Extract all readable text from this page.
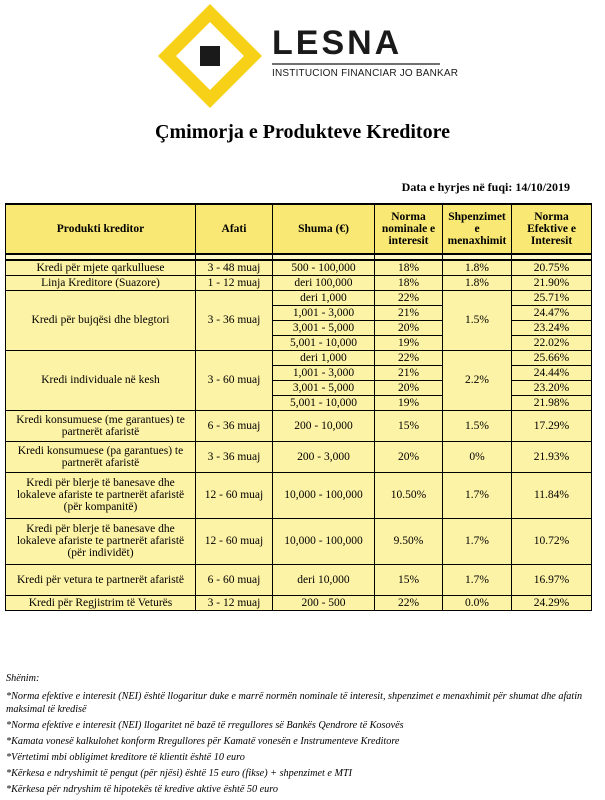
LESNA
INSTITUCION FINANCIAR JO BANKAR
Çmimorja e Produkteve Kreditore
Data e hyrjes në fuqi: 14/10/2019
Produkti kreditor	Afati	Shuma (€)	Norma nominale e interesit	Shpenzimet e menaxhimit	Norma Efektive e Interesit

Kredi për mjete qarkulluese	3 - 48 muaj	500 - 100,000	18%	1.8%	20.75%
Linja Kreditore (Suazore)	1 - 12 muaj	deri 100,000	18%	1.8%	21.90%
Kredi për bujqësi dhe blegtori	3 - 36 muaj	deri 1,000	22%	1.5%	25.71%
		1,001 - 3,000	21%		24.47%
		3,001 - 5,000	20%		23.24%
		5,001 - 10,000	19%		22.02%
Kredi individuale në kesh	3 - 60 muaj	deri 1,000	22%	2.2%	25.66%
		1,001 - 3,000	21%		24.44%
		3,001 - 5,000	20%		23.20%
		5,001 - 10,000	19%		21.98%
Kredi konsumuese (me garantues) te partnerët afaristë	6 - 36 muaj	200 - 10,000	15%	1.5%	17.29%
Kredi konsumuese (pa garantues) te partnerët afaristë	3 - 36 muaj	200 - 3,000	20%	0%	21.93%
Kredi për blerje të banesave dhe lokaleve afariste te partnerët afaristë (për kompanitë)	12 - 60 muaj	10,000 - 100,000	10.50%	1.7%	11.84%
Kredi për blerje të banesave dhe lokaleve afariste te partnerët afaristë (për individët)	12 - 60 muaj	10,000 - 100,000	9.50%	1.7%	10.72%
Kredi për vetura te partnerët afaristë	6 - 60 muaj	deri 10,000	15%	1.7%	16.97%
Kredi për Regjistrim të Veturës	3 - 12 muaj	200 - 500	22%	0.0%	24.29%

Shënim:

*Norma efektive e interesit (NEI) është llogaritur duke e marrë normën nominale të interesit, shpenzimet e menaxhimit për shumat dhe afatin maksimal të kredisë

*Norma efektive e interesit (NEI) llogaritet në bazë të rregullores së Bankës Qendrore të Kosovës

*Kamata vonesë kalkulohet konform Rregullores për Kamatë vonesën e Instrumenteve Kreditore

*Vërtetimi mbi obligimet kreditore të klientit është 10 euro

*Kërkesa e ndryshimit të pengut (për njësi) është 15 euro (fikse) + shpenzimet e MTI

*Kërkesa për ndryshim të hipotekës të kredive aktive është 50 euro
